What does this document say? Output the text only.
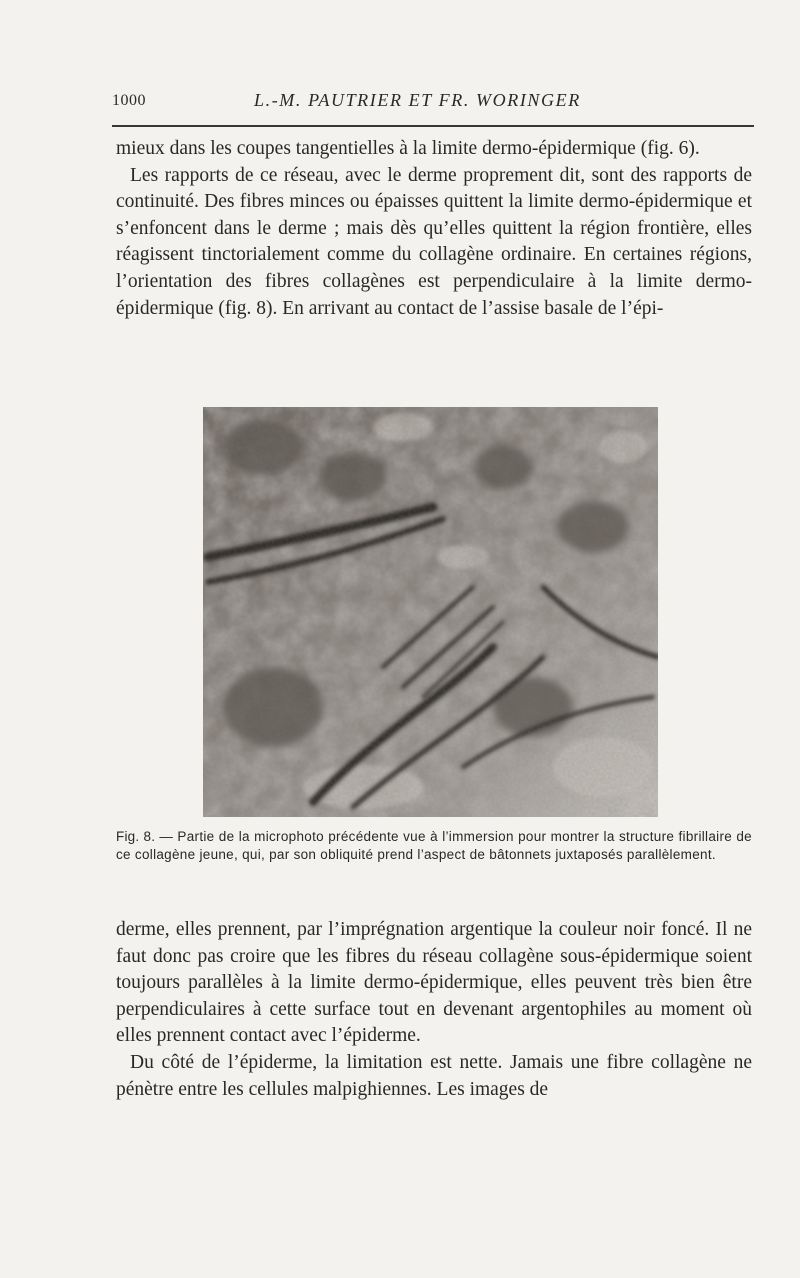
1000	L.-M. PAUTRIER ET FR. WORINGER

mieux dans les coupes tangentielles à la limite dermo-épidermique (fig. 6).

Les rapports de ce réseau, avec le derme proprement dit, sont des rapports de continuité. Des fibres minces ou épaisses quittent la limite dermo-épidermique et s’enfoncent dans le derme ; mais dès qu’elles quittent la région frontière, elles réagissent tinctorialement comme du collagène ordinaire. En certaines régions, l’orientation des fibres collagènes est perpendiculaire à la limite dermo-épidermique (fig. 8). En arrivant au contact de l’assise basale de l’épi-

Fig. 8. — Partie de la microphoto précédente vue à l’immersion pour montrer la structure fibrillaire de ce collagène jeune, qui, par son obliquité prend l’aspect de bâtonnets juxtaposés parallèlement.

derme, elles prennent, par l’imprégnation argentique la couleur noir foncé. Il ne faut donc pas croire que les fibres du réseau collagène sous-épidermique soient toujours parallèles à la limite dermo-épidermique, elles peuvent très bien être perpendiculaires à cette surface tout en devenant argentophiles au moment où elles prennent contact avec l’épiderme.

Du côté de l’épiderme, la limitation est nette. Jamais une fibre collagène ne pénètre entre les cellules malpighiennes. Les images de
